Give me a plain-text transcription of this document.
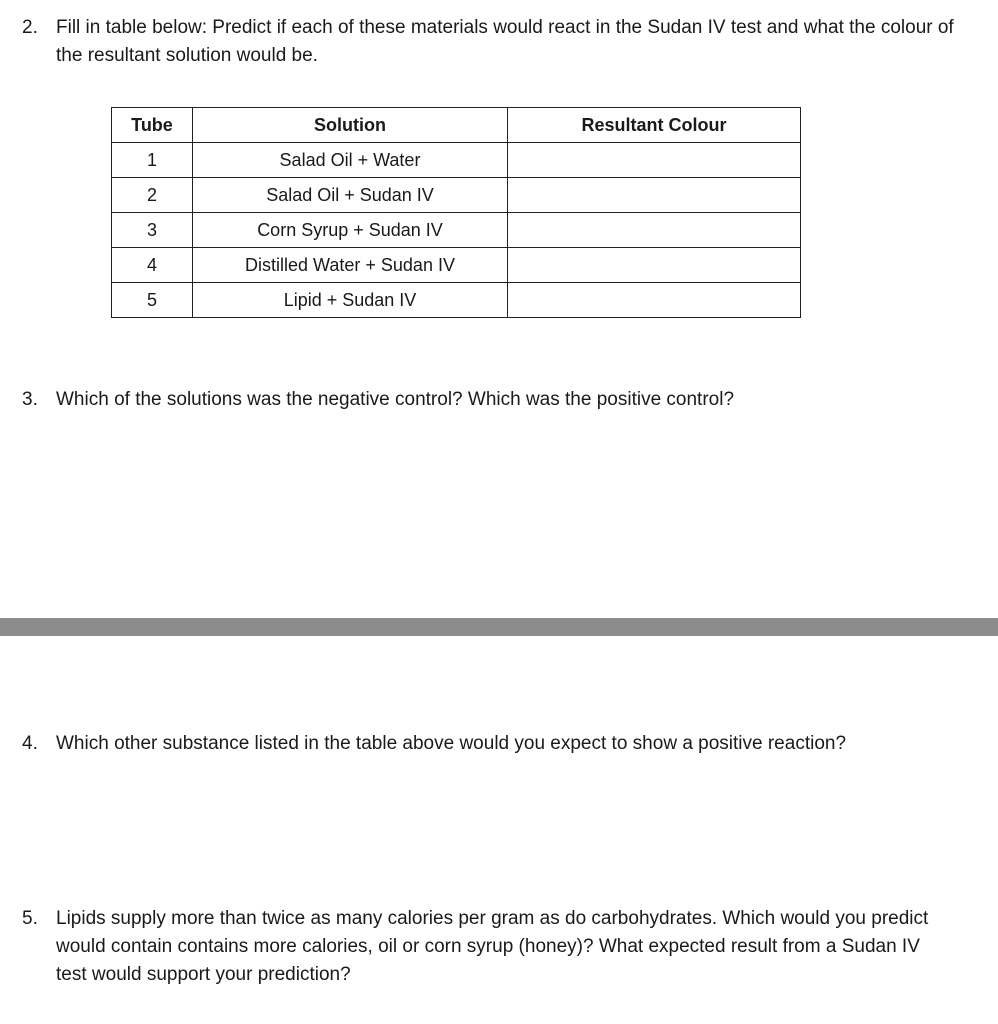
2. Fill in table below: Predict if each of these materials would react in the Sudan IV test and what the colour of the resultant solution would be.
Tube	Solution	Resultant Colour
1	Salad Oil + Water	
2	Salad Oil + Sudan IV	
3	Corn Syrup + Sudan IV	
4	Distilled Water + Sudan IV	
5	Lipid + Sudan IV	
3. Which of the solutions was the negative control? Which was the positive control?
4. Which other substance listed in the table above would you expect to show a positive reaction?
5. Lipids supply more than twice as many calories per gram as do carbohydrates. Which would you predict would contain contains more calories, oil or corn syrup (honey)? What expected result from a Sudan IV test would support your prediction?
